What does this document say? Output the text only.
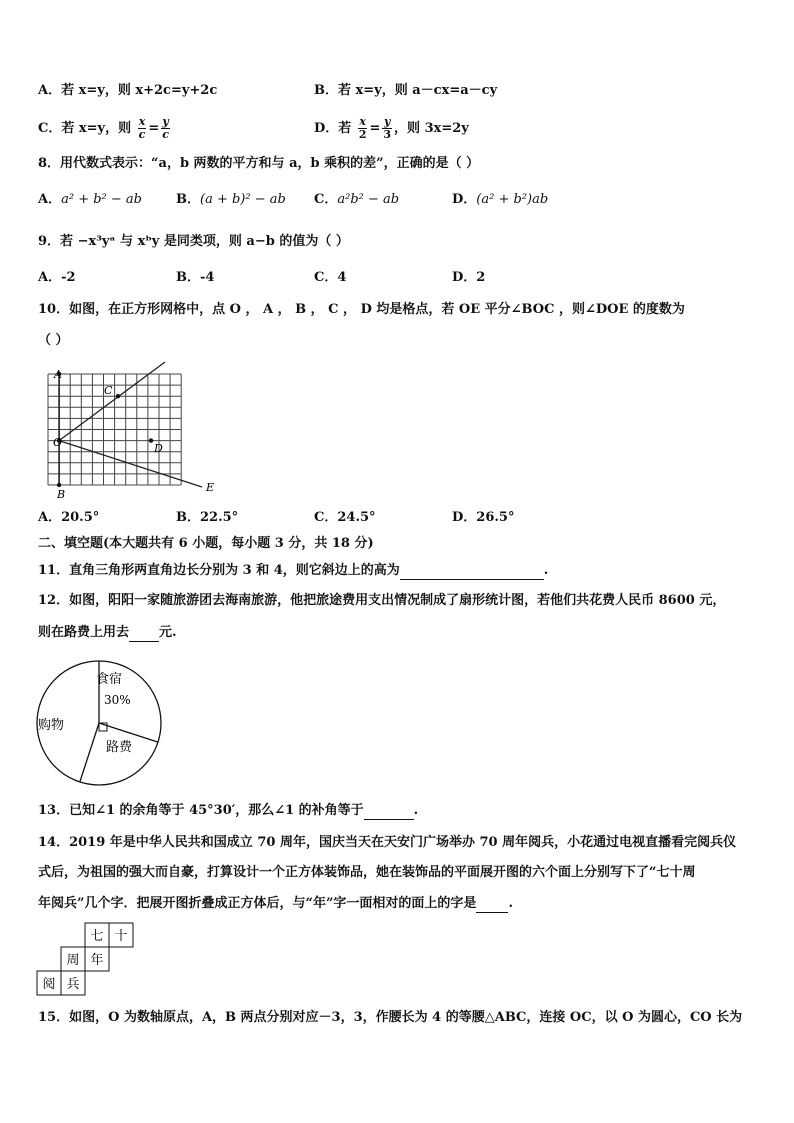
A．若 x=y，则 x+2c=y+2c	B．若 x=y，则 a－cx=a－cy
C．若 x=y，则 $\frac{x}{c} = \frac{y}{c}$	D．若 $\frac{x}{2} = \frac{y}{3}$ ，则 3x=2y
8．用代数式表示：“a，b 两数的平方和与 a，b 乘积的差”，正确的是（ ）
A．a² + b² − ab	B．(a + b)² − ab C．a²b² − ab	D．(a² + b²)ab
9．若 −x³yᵃ 与 xᵇy 是同类项，则 a−b 的值为（ ）
A．-2	B．-4	C．4	D．2
10．如图，在正方形网格中，点 O ， A ， B ， C ， D 均是格点，若 OE 平分∠BOC ，则∠DOE 的度数为
（ ）
A
O
B
C
D
E
A．20.5°	B．22.5°	C．24.5°	D．26.5°
二、填空题(本大题共有 6 小题，每小题 3 分，共 18 分)
11．直角三角形两直角边长分别为 3 和 4，则它斜边上的高为	.
12．如图，阳阳一家随旅游团去海南旅游，他把旅途费用支出情况制成了扇形统计图，若他们共花费人民币 8600 元，
则在路费上用去 元.
食宿
30%
购物
路费
13．已知∠1 的余角等于 45°30′，那么∠1 的补角等于	.
14．2019 年是中华人民共和国成立 70 周年，国庆当天在天安门广场举办 70 周年阅兵，小花通过电视直播看完阅兵仪
式后，为祖国的强大而自豪，打算设计一个正方体装饰品，她在装饰品的平面展开图的六个面上分别写下了“七十周
年阅兵”几个字．把展开图折叠成正方体后，与“年”字一面相对的面上的字是 .
七 十
周 年
阅 兵
15．如图，O 为数轴原点，A，B 两点分别对应－3，3，作腰长为 4 的等腰△ABC，连接 OC，以 O 为圆心，CO 长为
